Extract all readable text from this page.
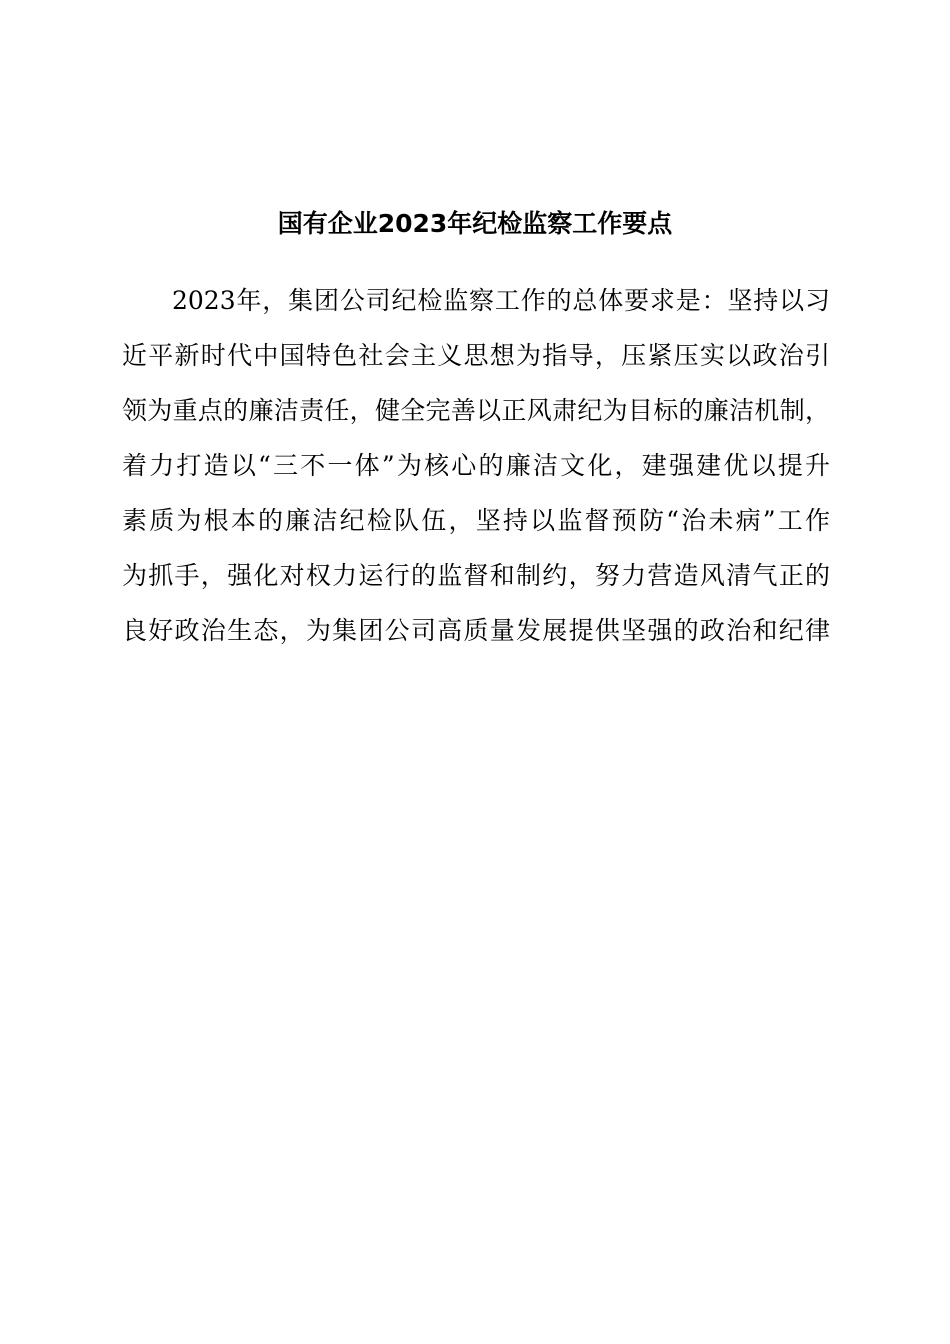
国有企业2023年纪检监察工作要点
2023年，集团公司纪检监察工作的总体要求是：坚持以习
近平新时代中国特色社会主义思想为指导，压紧压实以政治引
领为重点的廉洁责任，健全完善以正风肃纪为目标的廉洁机制，
着力打造以“三不一体”为核心的廉洁文化，建强建优以提升
素质为根本的廉洁纪检队伍，坚持以监督预防“治未病”工作
为抓手，强化对权力运行的监督和制约，努力营造风清气正的
良好政治生态，为集团公司高质量发展提供坚强的政治和纪律
